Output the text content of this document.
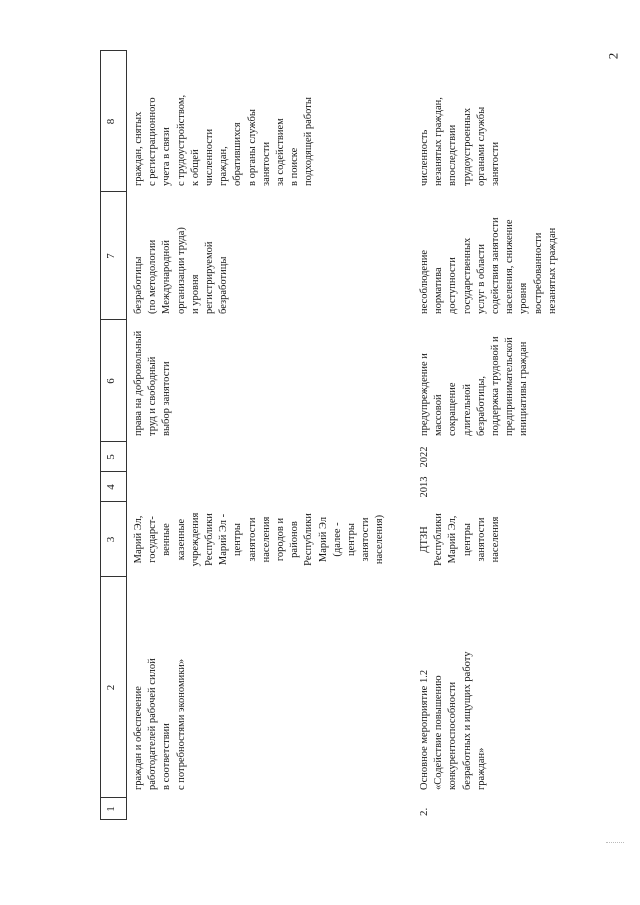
2
1
2
3
4
5
6
7
8
граждан и обеспечение
работодателей рабочей силой
в соответствии
с потребностями экономики»
Марий Эл,
государст-
венные
казенные
учреждения
Республики
Марий Эл -
центры
занятости
населения
городов и
районов
Республики
Марий Эл
(далее -
центры
занятости
населения)
права на добровольный
труд и свободный
выбор занятости
безработицы
(по методологии
Международной
организации труда)
и уровня
регистрируемой
безработицы
граждан, снятых
с регистрационного
учета в связи
с трудоустройством,
к общей
численности
граждан,
обратившихся
в органы службы
занятости
за содействием
в поиске
подходящей работы
2.
Основное мероприятие 1.2
«Содействие повышению
конкурентоспособности
безработных и ищущих работу
граждан»
ДТЗН
Республики
Марий Эл,
центры
занятости
населения
2013
2022
предупреждение и
массовой
сокращение
длительной
безработицы,
поддержка трудовой и
предпринимательской
инициативы граждан
несоблюдение
норматива
доступности
государственных
услуг в области
содействия занятости
населения, снижение
уровня
востребованности
незанятых граждан
численность
незанятых граждан,
впоследствии
трудоустроенных
органами службы
занятости
